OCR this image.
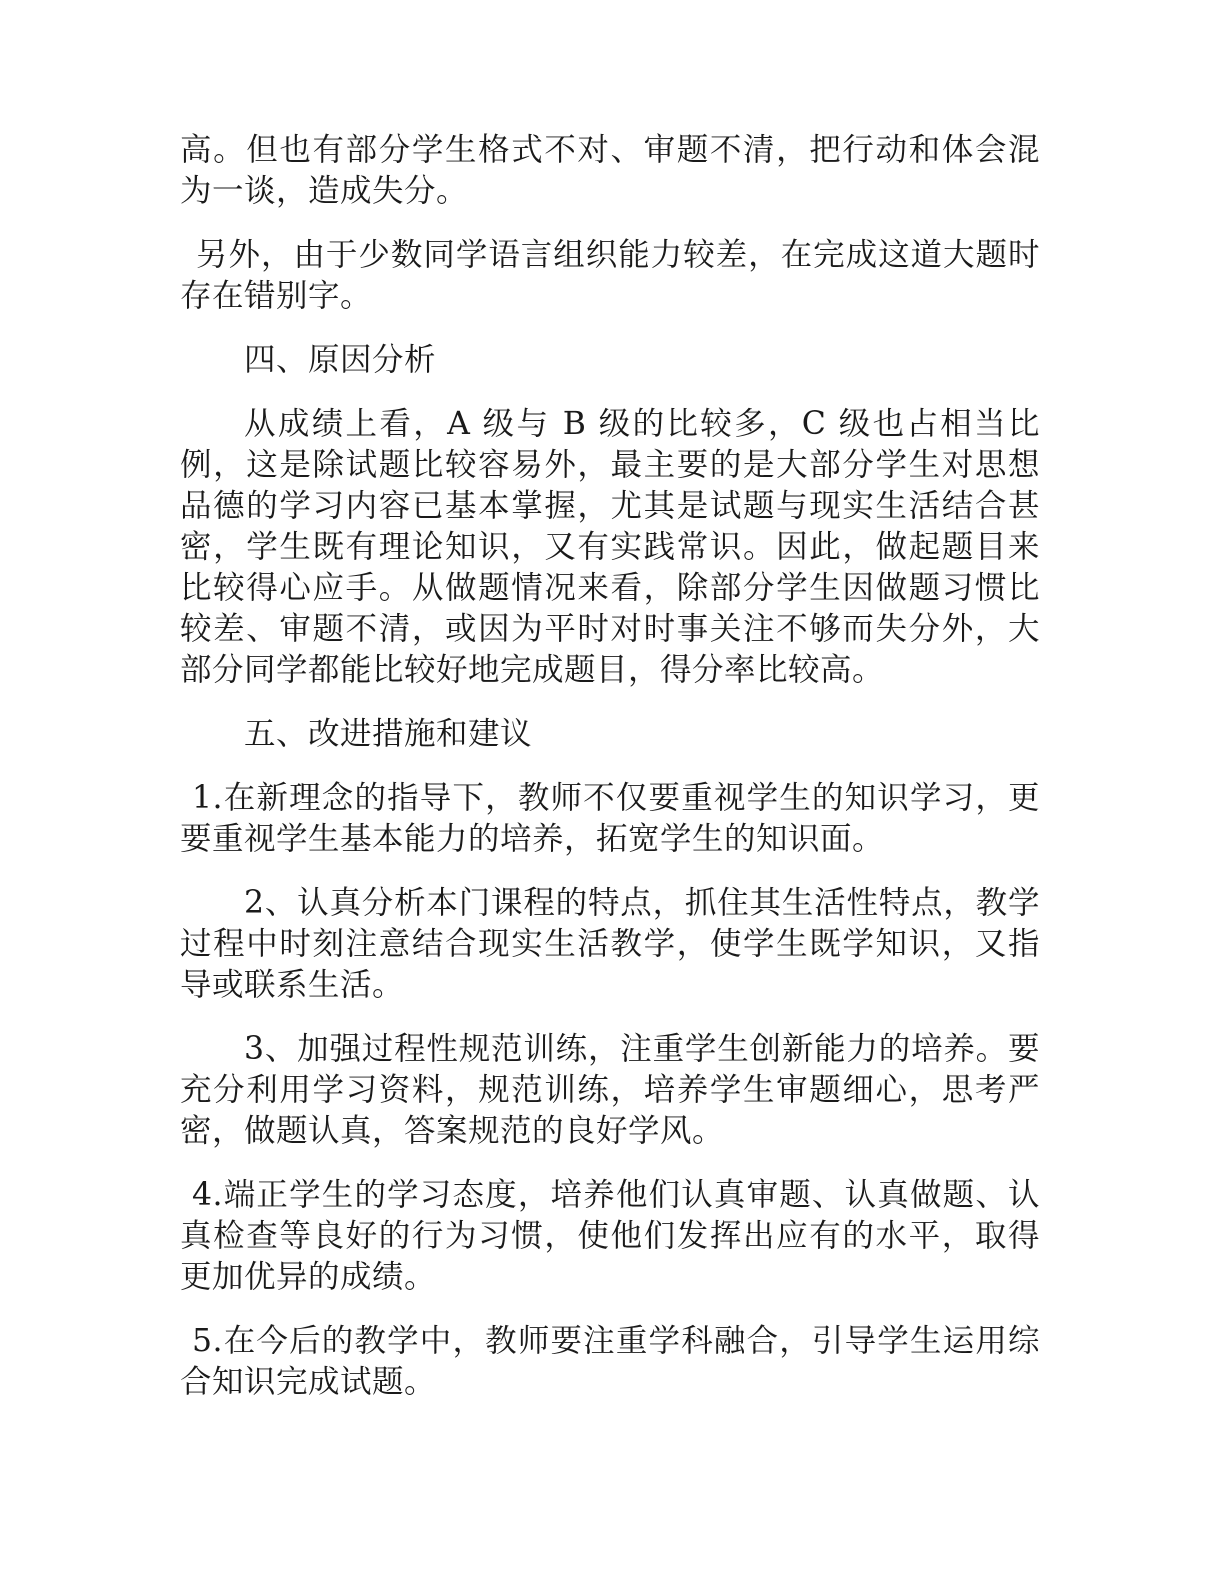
高。但也有部分学生格式不对、审题不清，把行动和体会混为一谈，造成失分。

另外，由于少数同学语言组织能力较差，在完成这道大题时存在错别字。

四、原因分析

从成绩上看，A 级与 B 级的比较多，C 级也占相当比例，这是除试题比较容易外，最主要的是大部分学生对思想品德的学习内容已基本掌握，尤其是试题与现实生活结合甚密，学生既有理论知识，又有实践常识。因此，做起题目来比较得心应手。从做题情况来看，除部分学生因做题习惯比较差、审题不清，或因为平时对时事关注不够而失分外，大部分同学都能比较好地完成题目，得分率比较高。

五、改进措施和建议

1.在新理念的指导下，教师不仅要重视学生的知识学习，更要重视学生基本能力的培养，拓宽学生的知识面。

2、认真分析本门课程的特点，抓住其生活性特点，教学过程中时刻注意结合现实生活教学，使学生既学知识，又指导或联系生活。

3、加强过程性规范训练，注重学生创新能力的培养。要充分利用学习资料，规范训练，培养学生审题细心，思考严密，做题认真，答案规范的良好学风。

4.端正学生的学习态度，培养他们认真审题、认真做题、认真检查等良好的行为习惯，使他们发挥出应有的水平，取得更加优异的成绩。

5.在今后的教学中，教师要注重学科融合，引导学生运用综合知识完成试题。
